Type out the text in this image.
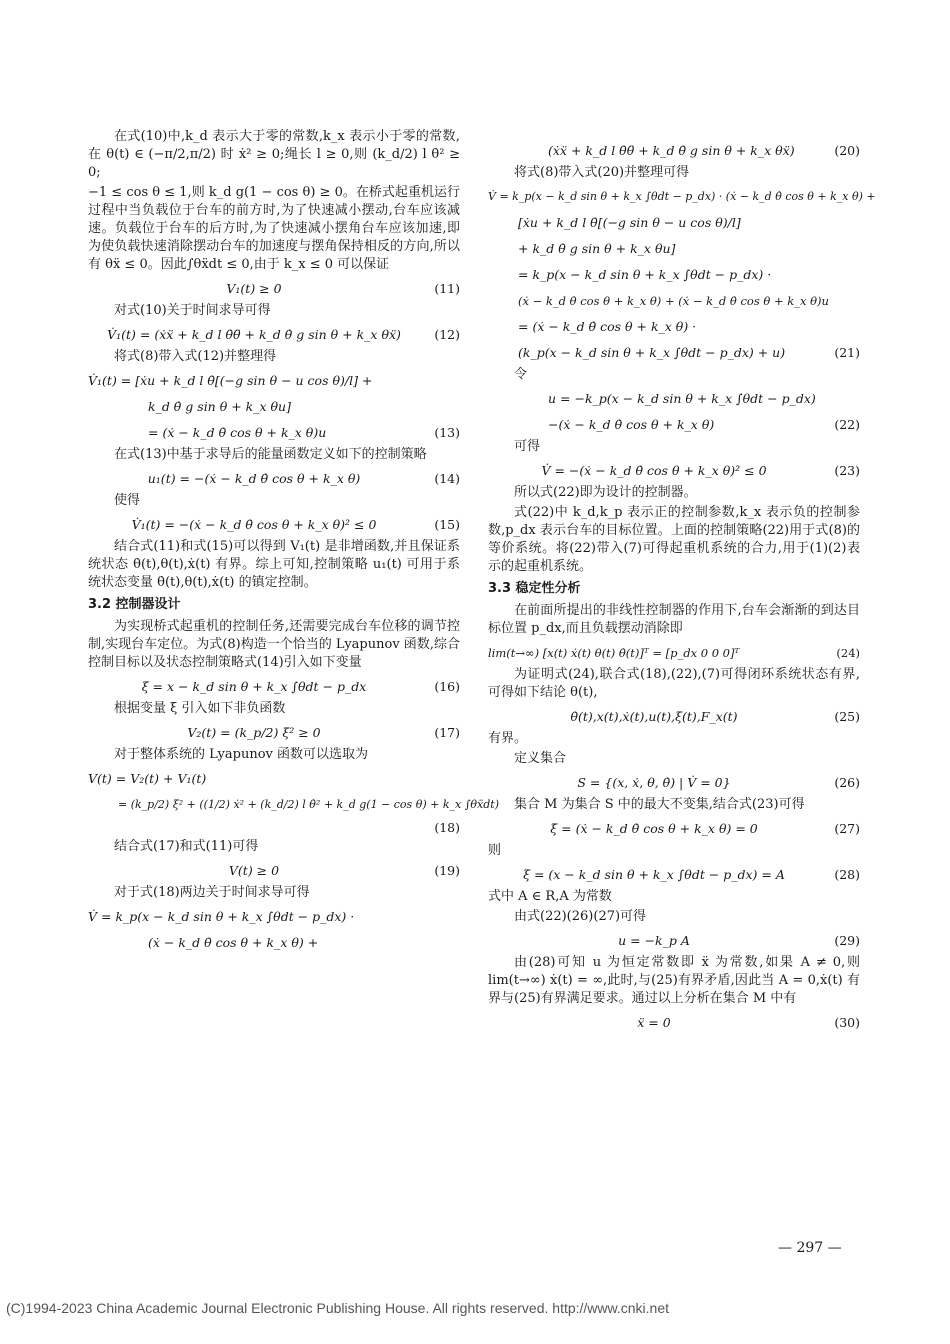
在式(10)中,k_d 表示大于零的常数,k_x 表示小于零的常数,在 θ(t) ∈ (−π/2,π/2) 时 ẋ² ≥ 0;绳长 l ≥ 0,则 (k_d/2) l θ̇² ≥ 0;

−1 ≤ cos θ ≤ 1,则 k_d g(1 − cos θ) ≥ 0。在桥式起重机运行过程中当负载位于台车的前方时,为了快速减小摆动,台车应该减速。负载位于台车的后方时,为了快速减小摆角台车应该加速,即为使负载快速消除摆动台车的加速度与摆角保持相反的方向,所以有 θẍ ≤ 0。因此∫θẍdt ≤ 0,由于 k_x ≤ 0 可以保证

V₁(t) ≥ 0	(11)

对式(10)关于时间求导可得

V̇₁(t) = (ẋẍ + k_d l θ̇θ̈ + k_d θ̇ g sin θ + k_x θẍ)	(12)

将式(8)带入式(12)并整理得

V̇₁(t) = [ẋu + k_d l θ̇[(−g sin θ − u cos θ)/l] +
k_d θ̇ g sin θ + k_x θu]
= (ẋ − k_d θ̇ cos θ + k_x θ)u	(13)

在式(13)中基于求导后的能量函数定义如下的控制策略

u₁(t) = −(ẋ − k_d θ̇ cos θ + k_x θ)	(14)

使得

V̇₁(t) = −(ẋ − k_d θ̇ cos θ + k_x θ)² ≤ 0	(15)

结合式(11)和式(15)可以得到 V₁(t) 是非增函数,并且保证系统状态 θ̇(t),θ(t),ẋ(t) 有界。综上可知,控制策略 u₁(t) 可用于系统状态变量 θ̇(t),θ(t),ẋ(t) 的镇定控制。

3.2 控制器设计

为实现桥式起重机的控制任务,还需要完成台车位移的调节控制,实现台车定位。为式(8)构造一个恰当的 Lyapunov 函数,综合控制目标以及状态控制策略式(14)引入如下变量

ξ = x − k_d sin θ + k_x ∫θdt − p_dx	(16)

根据变量 ξ 引入如下非负函数

V₂(t) = (k_p/2) ξ² ≥ 0	(17)

对于整体系统的 Lyapunov 函数可以选取为

V(t) = V₂(t) + V₁(t)
= (k_p/2) ξ² + ((1/2) ẋ² + (k_d/2) l θ̇² + k_d g(1 − cos θ) + k_x ∫θẍdt)
(18)

结合式(17)和式(11)可得

V(t) ≥ 0	(19)

对于式(18)两边关于时间求导可得

V̇ = k_p(x − k_d sin θ + k_x ∫θdt − p_dx) ·
(ẋ − k_d θ̇ cos θ + k_x θ) +
(ẋẍ + k_d l θ̇θ̈ + k_d θ̇ g sin θ + k_x θẍ)	(20)

将式(8)带入式(20)并整理可得

V̇ = k_p(x − k_d sin θ + k_x ∫θdt − p_dx) · (ẋ − k_d θ̇ cos θ + k_x θ) +
[ẋu + k_d l θ̇[(−g sin θ − u cos θ)/l]
+ k_d θ̇ g sin θ + k_x θu]
= k_p(x − k_d sin θ + k_x ∫θdt − p_dx) ·
(ẋ − k_d θ̇ cos θ + k_x θ) + (ẋ − k_d θ̇ cos θ + k_x θ)u
= (ẋ − k_d θ̇ cos θ + k_x θ) ·
(k_p(x − k_d sin θ + k_x ∫θdt − p_dx) + u)	(21)

令

u = −k_p(x − k_d sin θ + k_x ∫θdt − p_dx)
−(ẋ − k_d θ̇ cos θ + k_x θ)	(22)

可得

V̇ = −(ẋ − k_d θ̇ cos θ + k_x θ)² ≤ 0	(23)

所以式(22)即为设计的控制器。

式(22)中 k_d,k_p 表示正的控制参数,k_x 表示负的控制参数,p_dx 表示台车的目标位置。上面的控制策略(22)用于式(8)的等价系统。将(22)带入(7)可得起重机系统的合力,用于(1)(2)表示的起重机系统。

3.3 稳定性分析

在前面所提出的非线性控制器的作用下,台车会渐渐的到达目标位置 p_dx,而且负载摆动消除即

lim(t→∞) [x(t) ẋ(t) θ(t) θ̇(t)]ᵀ = [p_dx 0 0 0]ᵀ	(24)

为证明式(24),联合式(18),(22),(7)可得闭环系统状态有界,可得如下结论 θ(t),

θ̇(t),x(t),ẋ(t),u(t),ξ(t),F_x(t)	(25)

有界。

定义集合

S = {(x, ẋ, θ, θ̇) | V̇ = 0}	(26)

集合 M 为集合 S 中的最大不变集,结合式(23)可得

ξ̇ = (ẋ − k_d θ̇ cos θ + k_x θ) = 0	(27)

则

ξ = (x − k_d sin θ + k_x ∫θdt − p_dx) = A	(28)

式中 A ∈ R,A 为常数

由式(22)(26)(27)可得

u = −k_p A	(29)

由(28)可知 u 为恒定常数即 ẍ 为常数,如果 A ≠ 0,则 lim(t→∞) ẋ(t) = ∞,此时,与(25)有界矛盾,因此当 A = 0,ẋ(t) 有界与(25)有界满足要求。通过以上分析在集合 M 中有

ẍ = 0	(30)
— 297 —
(C)1994-2023 China Academic Journal Electronic Publishing House. All rights reserved. http://www.cnki.net
